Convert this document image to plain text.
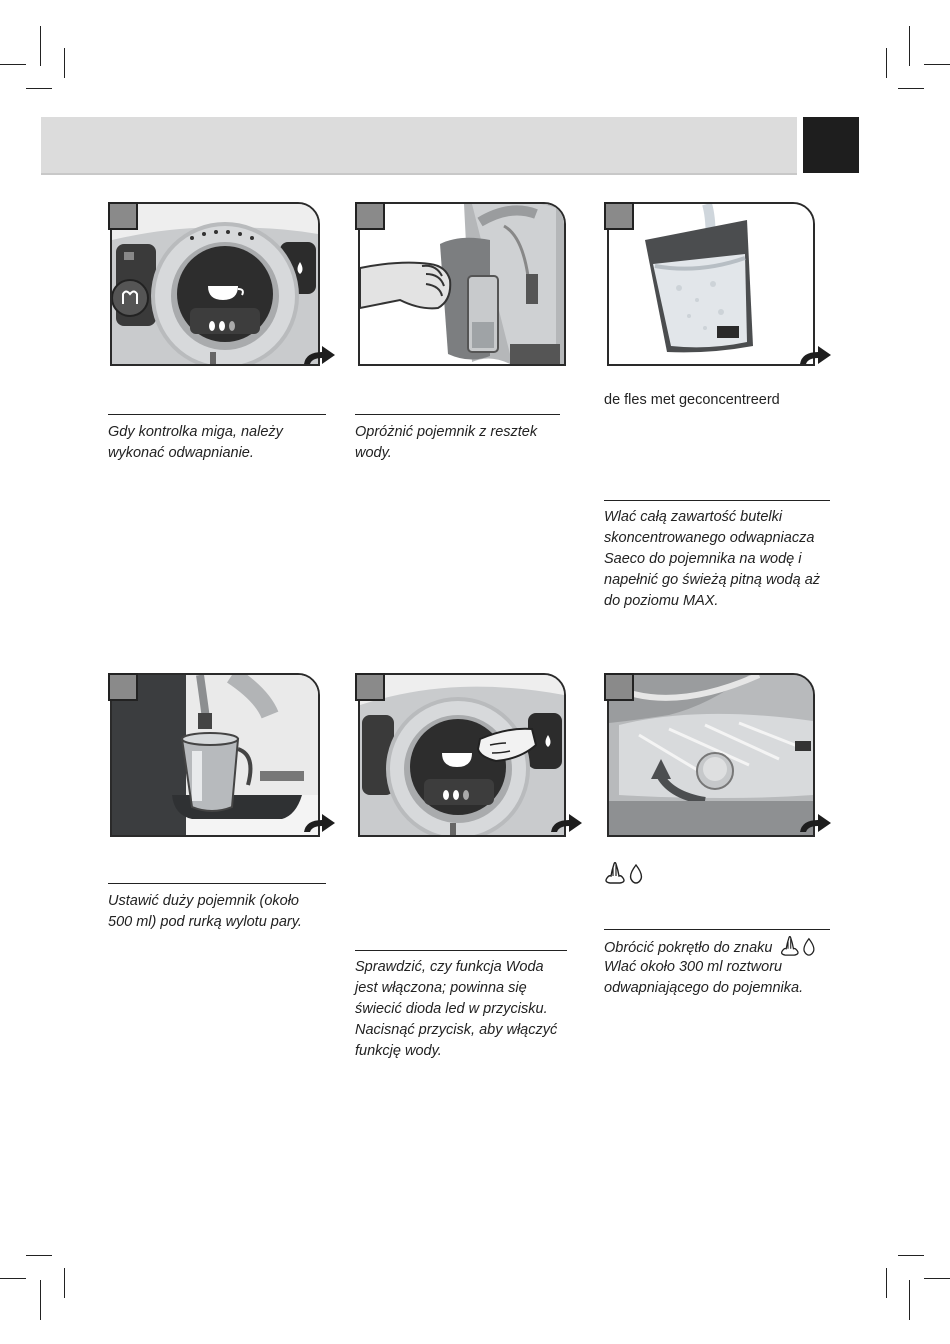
Gdy kontrolka miga, należy wykonać odwapnianie.
Opróżnić pojemnik z resztek wody.
de fles met geconcentreerd
Wlać całą zawartość butelki skoncentrowanego odwapniacza Saeco do pojemnika na wodę i napełnić go świeżą pitną wodą aż do poziomu MAX.
Ustawić duży pojemnik (około 500 ml) pod rurką wylotu pary.
Sprawdzić, czy funkcja Woda jest włączona; powinna się świecić dioda led w przycisku. Nacisnąć przycisk, aby włączyć funkcję wody.
Obrócić pokrętło do znaku
Wlać około 300 ml roztworu odwapniającego do pojemnika.
